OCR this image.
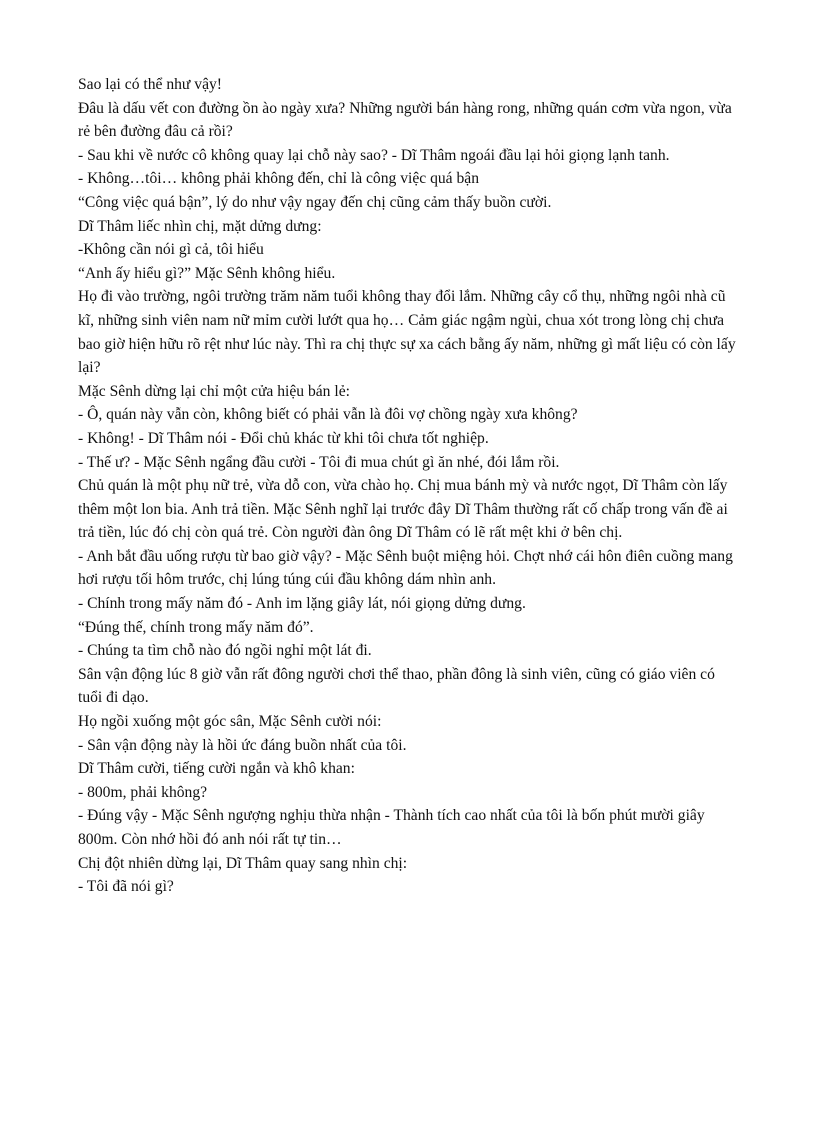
Sao lại có thể như vậy!

Đâu là dấu vết con đường ồn ào ngày xưa? Những người bán hàng rong, những quán cơm vừa ngon, vừa rẻ bên đường đâu cả rồi?

- Sau khi về nước cô không quay lại chỗ này sao? - Dĩ Thâm ngoái đầu lại hỏi giọng lạnh tanh.

- Không…tôi… không phải không đến, chỉ là công việc quá bận

“Công việc quá bận”, lý do như vậy ngay đến chị cũng cảm thấy buồn cười.

Dĩ Thâm liếc nhìn chị, mặt dửng dưng:

-Không cần nói gì cả, tôi hiểu

“Anh ấy hiểu gì?” Mặc Sênh không hiểu.

Họ đi vào trường, ngôi trường trăm năm tuổi không thay đổi lắm. Những cây cổ thụ, những ngôi nhà cũ kĩ, những sinh viên nam nữ mỉm cười lướt qua họ… Cảm giác ngậm ngùi, chua xót trong lòng chị chưa bao giờ hiện hữu rõ rệt như lúc này. Thì ra chị thực sự xa cách bằng ấy năm, những gì mất liệu có còn lấy lại?

Mặc Sênh dừng lại chỉ một cửa hiệu bán lẻ:

- Ô, quán này vẫn còn, không biết có phải vẫn là đôi vợ chồng ngày xưa không?

- Không! - Dĩ Thâm nói - Đổi chủ khác từ khi tôi chưa tốt nghiệp.

- Thế ư? - Mặc Sênh ngẩng đầu cười - Tôi đi mua chút gì ăn nhé, đói lắm rồi.

Chủ quán là một phụ nữ trẻ, vừa dỗ con, vừa chào họ. Chị mua bánh mỳ và nước ngọt, Dĩ Thâm còn lấy thêm một lon bia. Anh trả tiền. Mặc Sênh nghĩ lại trước đây Dĩ Thâm thường rất cố chấp trong vấn đề ai trả tiền, lúc đó chị còn quá trẻ. Còn người đàn ông Dĩ Thâm có lẽ rất mệt khi ở bên chị.

- Anh bắt đầu uống rượu từ bao giờ vậy? - Mặc Sênh buột miệng hỏi. Chợt nhớ cái hôn điên cuồng mang hơi rượu tối hôm trước, chị lúng túng cúi đầu không dám nhìn anh.

- Chính trong mấy năm đó - Anh im lặng giây lát, nói giọng dửng dưng.

“Đúng thế, chính trong mấy năm đó”.

- Chúng ta tìm chỗ nào đó ngồi nghỉ một lát đi.

Sân vận động lúc 8 giờ vẫn rất đông người chơi thể thao, phần đông là sinh viên, cũng có giáo viên có tuổi đi dạo.

Họ ngồi xuống một góc sân, Mặc Sênh cười nói:

- Sân vận động này là hồi ức đáng buồn nhất của tôi.

Dĩ Thâm cười, tiếng cười ngắn và khô khan:

- 800m, phải không?

- Đúng vậy - Mặc Sênh ngượng nghịu thừa nhận - Thành tích cao nhất của tôi là bốn phút mười giây 800m. Còn nhớ hồi đó anh nói rất tự tin…

Chị đột nhiên dừng lại, Dĩ Thâm quay sang nhìn chị:

- Tôi đã nói gì?
